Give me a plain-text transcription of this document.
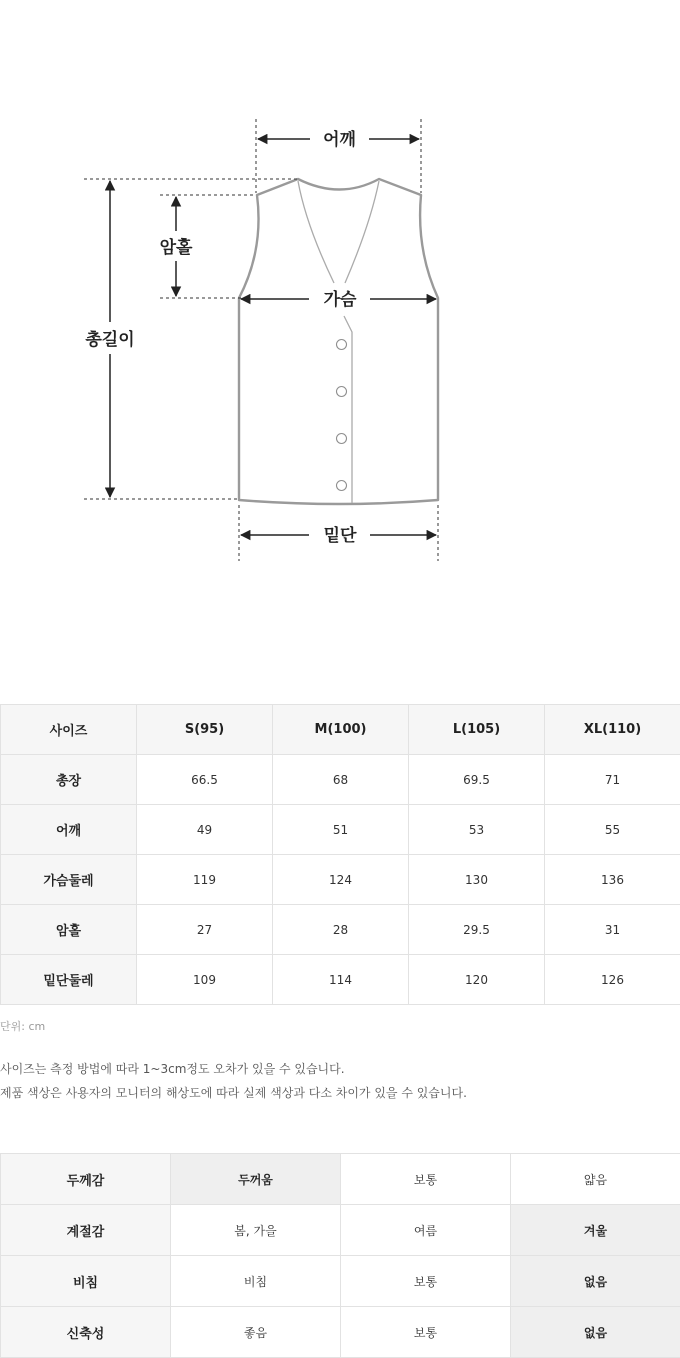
어깨
암홀
총길이
가슴
밑단
사이즈	S(95)	M(100)	L(105)	XL(110)
총장	66.5	68	69.5	71
어깨	49	51	53	55
가슴둘레	119	124	130	136
암홀	27	28	29.5	31
밑단둘레	109	114	120	126
단위: cm
사이즈는 측정 방법에 따라 1~3cm정도 오차가 있을 수 있습니다.
제품 색상은 사용자의 모니터의 해상도에 따라 실제 색상과 다소 차이가 있을 수 있습니다.
두께감	두꺼움	보통	얇음
계절감	봄, 가을	여름	겨울
비침	비침	보통	없음
신축성	좋음	보통	없음
